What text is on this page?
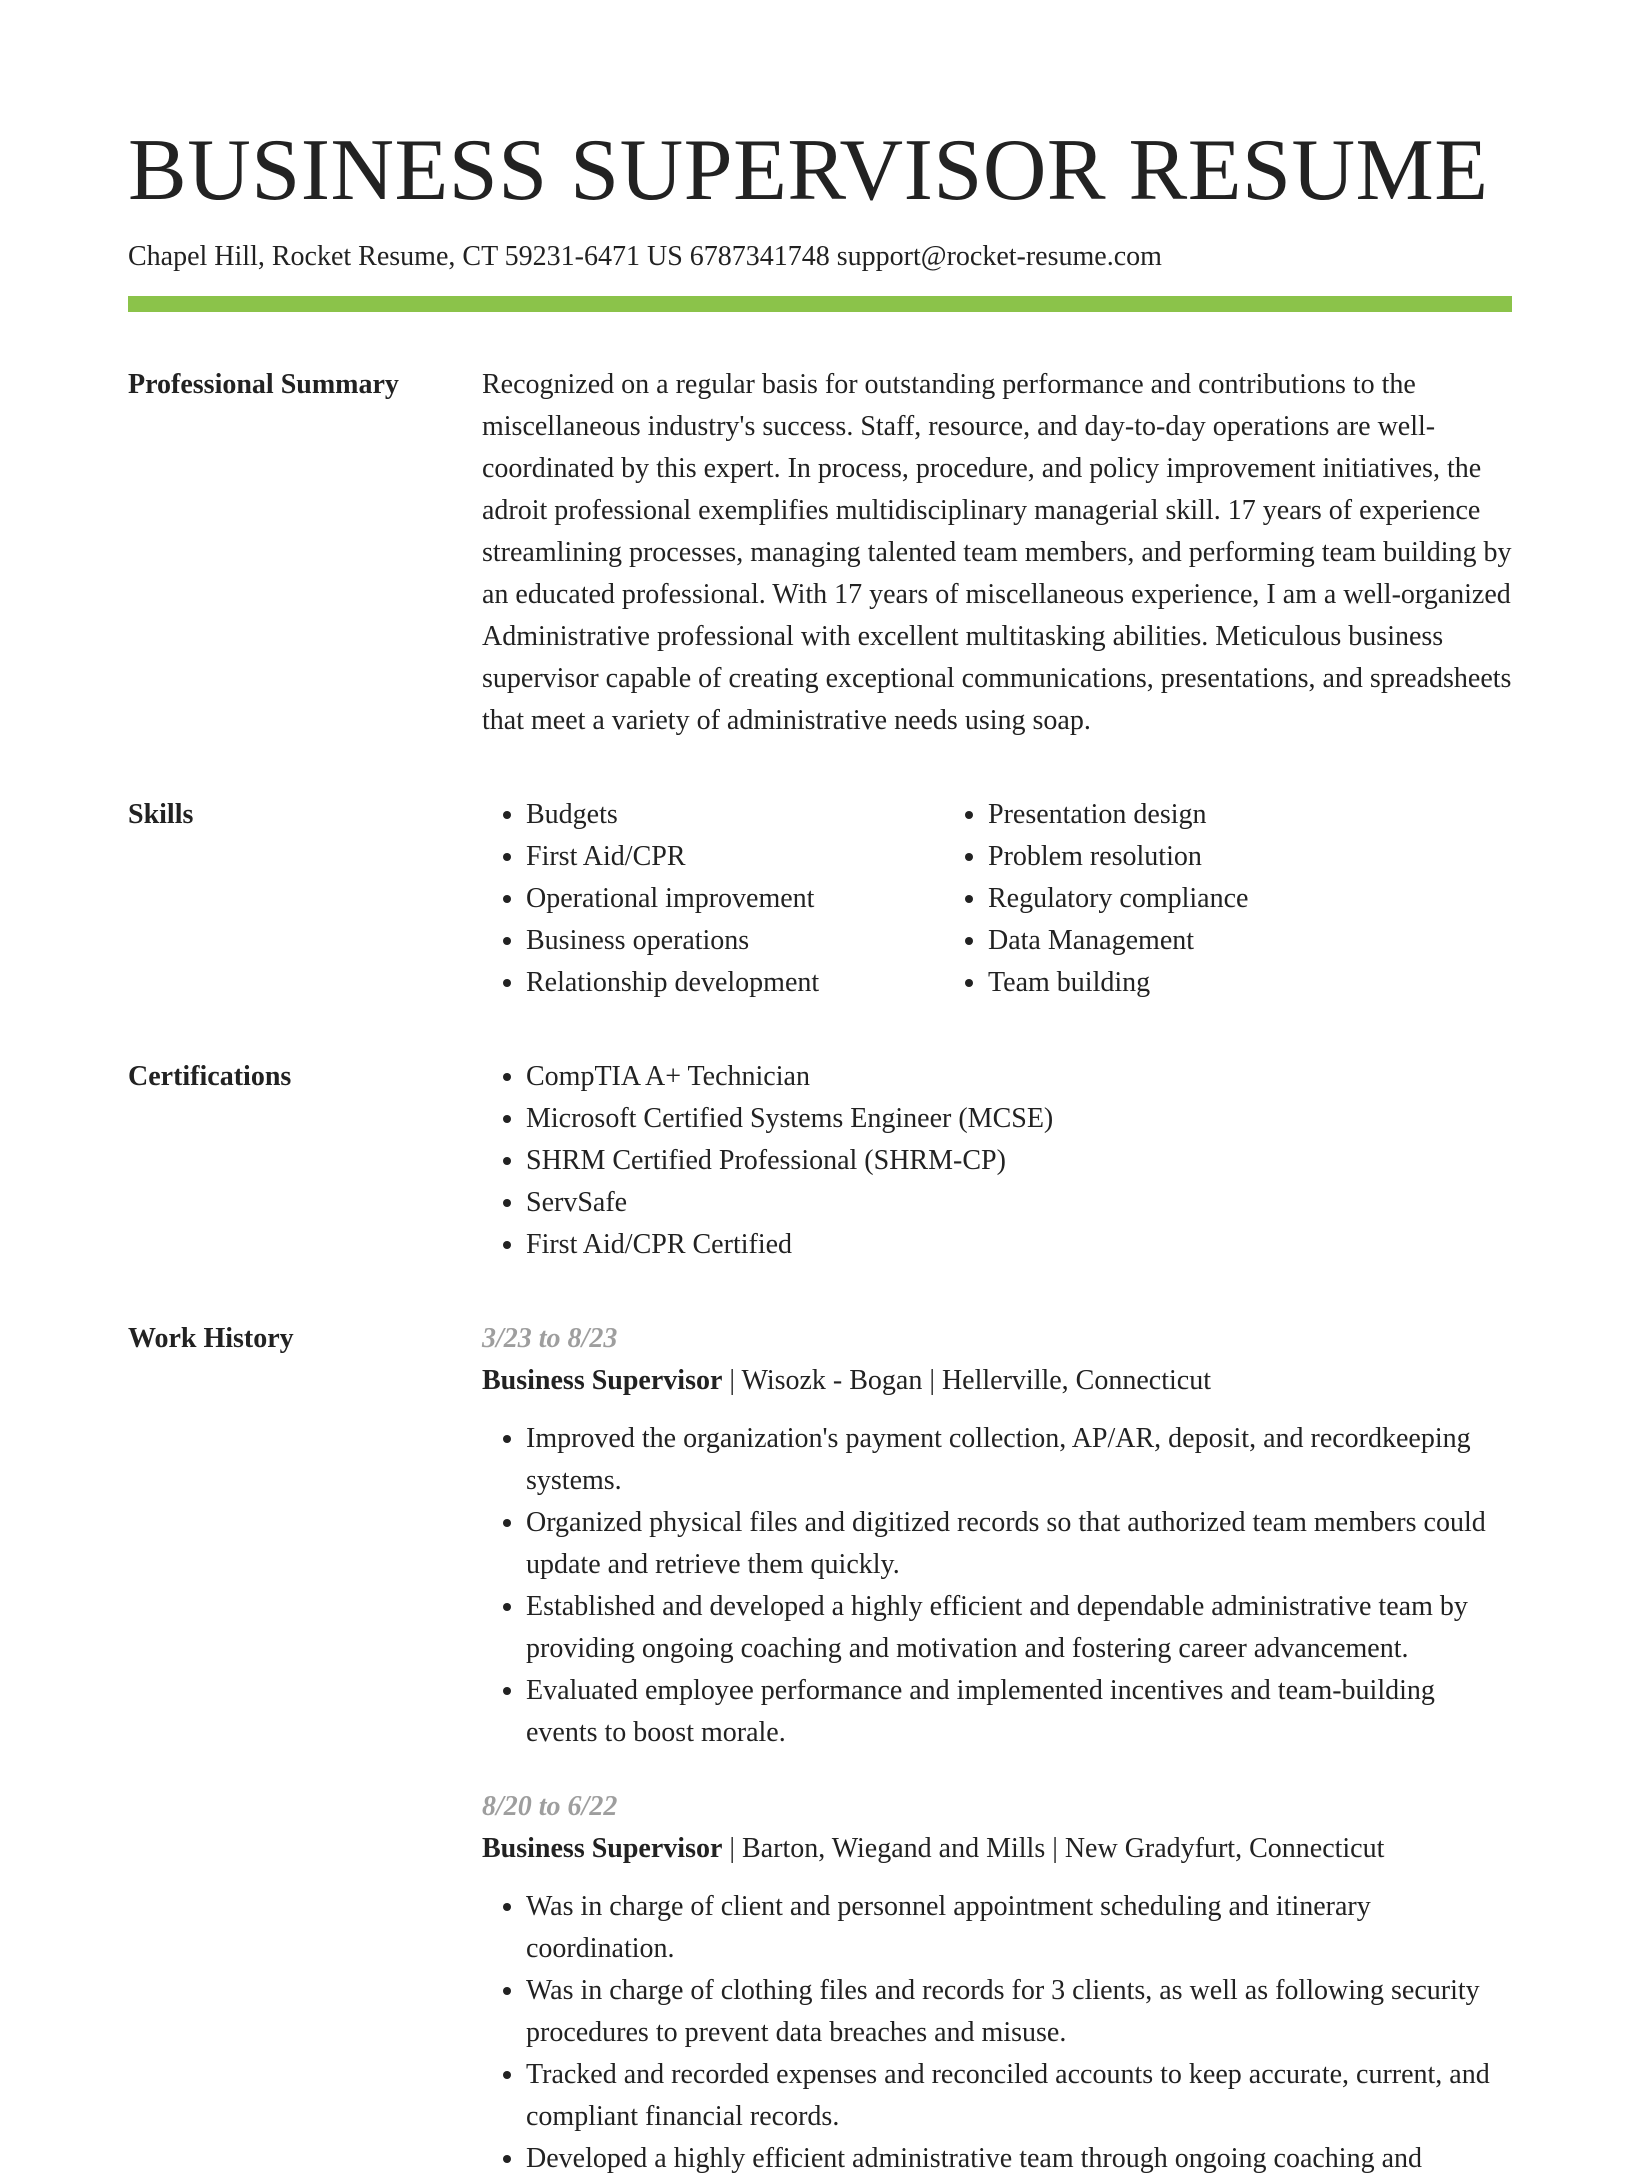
BUSINESS SUPERVISOR RESUME
Chapel Hill, Rocket Resume, CT 59231-6471 US 6787341748 support@rocket-resume.com
Professional Summary	Recognized on a regular basis for outstanding performance and contributions to the miscellaneous industry's success. Staff, resource, and day-to-day operations are well-coordinated by this expert. In process, procedure, and policy improvement initiatives, the adroit professional exemplifies multidisciplinary managerial skill. 17 years of experience streamlining processes, managing talented team members, and performing team building by an educated professional. With 17 years of miscellaneous experience, I am a well-organized Administrative professional with excellent multitasking abilities. Meticulous business supervisor capable of creating exceptional communications, presentations, and spreadsheets that meet a variety of administrative needs using soap.

Skills	• Budgets
• First Aid/CPR
• Operational improvement
• Business operations
• Relationship development
• Presentation design
• Problem resolution
• Regulatory compliance
• Data Management
• Team building
Certifications	• CompTIA A+ Technician
• Microsoft Certified Systems Engineer (MCSE)
• SHRM Certified Professional (SHRM-CP)
• ServSafe
• First Aid/CPR Certified
Work History	3/23 to 8/23
Business Supervisor | Wisozk - Bogan | Hellerville, Connecticut
• Improved the organization's payment collection, AP/AR, deposit, and recordkeeping systems.
• Organized physical files and digitized records so that authorized team members could update and retrieve them quickly.
• Established and developed a highly efficient and dependable administrative team by providing ongoing coaching and motivation and fostering career advancement.
• Evaluated employee performance and implemented incentives and team-building events to boost morale.
8/20 to 6/22
Business Supervisor | Barton, Wiegand and Mills | New Gradyfurt, Connecticut
• Was in charge of client and personnel appointment scheduling and itinerary coordination.
• Was in charge of clothing files and records for 3 clients, as well as following security procedures to prevent data breaches and misuse.
• Tracked and recorded expenses and reconciled accounts to keep accurate, current, and compliant financial records.
• Developed a highly efficient administrative team through ongoing coaching and
